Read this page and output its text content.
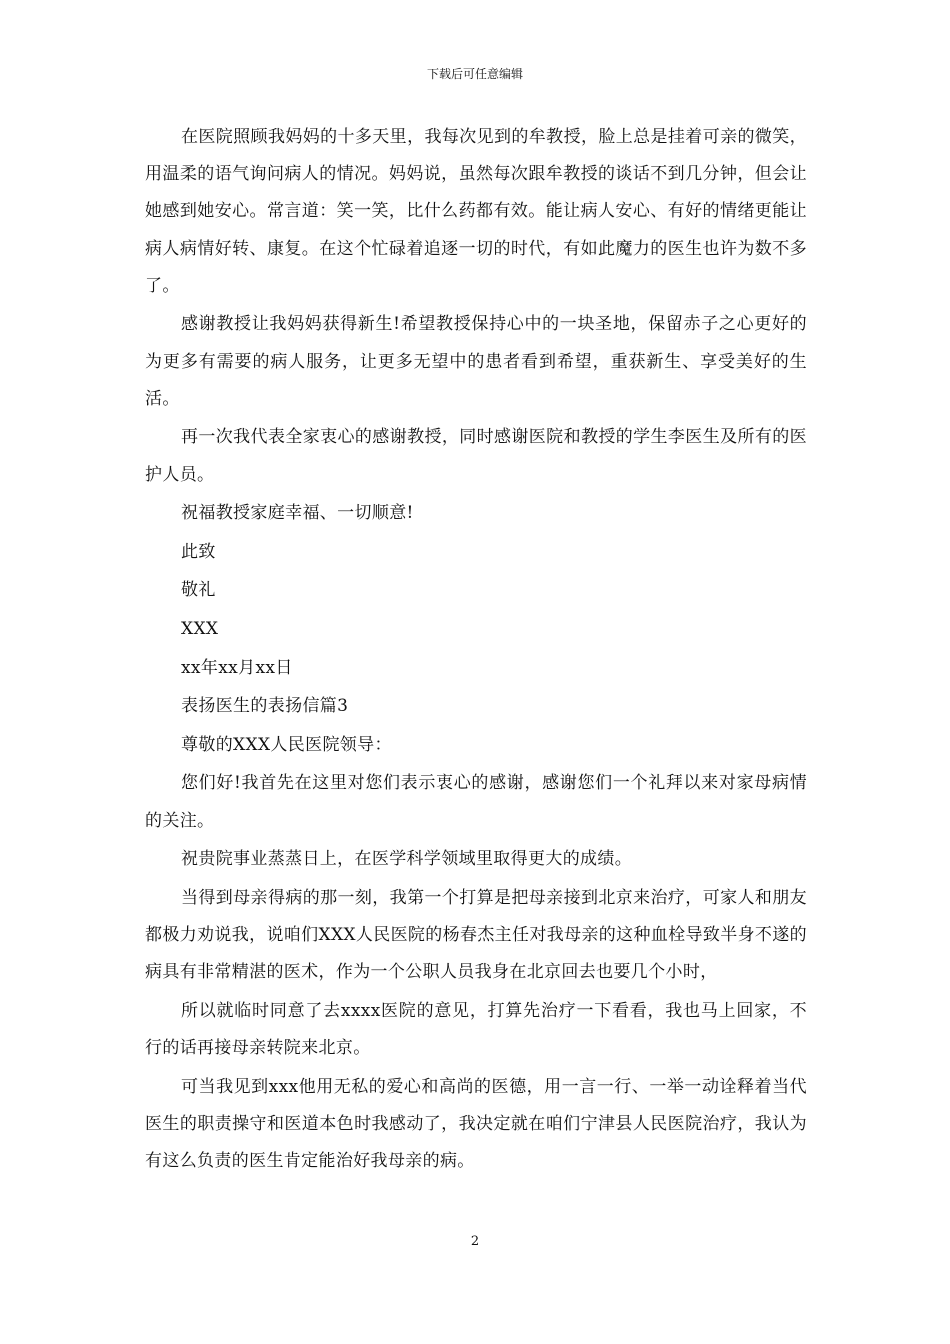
下载后可任意编辑

在医院照顾我妈妈的十多天里，我每次见到的牟教授，脸上总是挂着可亲的微笑，用温柔的语气询问病人的情况。妈妈说，虽然每次跟牟教授的谈话不到几分钟，但会让她感到她安心。常言道：笑一笑，比什么药都有效。能让病人安心、有好的情绪更能让病人病情好转、康复。在这个忙碌着追逐一切的时代，有如此魔力的医生也许为数不多了。

感谢教授让我妈妈获得新生!希望教授保持心中的一块圣地，保留赤子之心更好的为更多有需要的病人服务，让更多无望中的患者看到希望，重获新生、享受美好的生活。

再一次我代表全家衷心的感谢教授，同时感谢医院和教授的学生李医生及所有的医护人员。

祝福教授家庭幸福、一切顺意!

此致

敬礼

XXX

xx年xx月xx日

表扬医生的表扬信篇3

尊敬的XXX人民医院领导：

您们好!我首先在这里对您们表示衷心的感谢，感谢您们一个礼拜以来对家母病情的关注。

祝贵院事业蒸蒸日上，在医学科学领域里取得更大的成绩。

当得到母亲得病的那一刻，我第一个打算是把母亲接到北京来治疗，可家人和朋友都极力劝说我，说咱们XXX人民医院的杨春杰主任对我母亲的这种血栓导致半身不遂的病具有非常精湛的医术，作为一个公职人员我身在北京回去也要几个小时，

所以就临时同意了去xxxx医院的意见，打算先治疗一下看看，我也马上回家，不行的话再接母亲转院来北京。

可当我见到xxx他用无私的爱心和高尚的医德，用一言一行、一举一动诠释着当代医生的职责操守和医道本色时我感动了，我决定就在咱们宁津县人民医院治疗，我认为有这么负责的医生肯定能治好我母亲的病。

2
